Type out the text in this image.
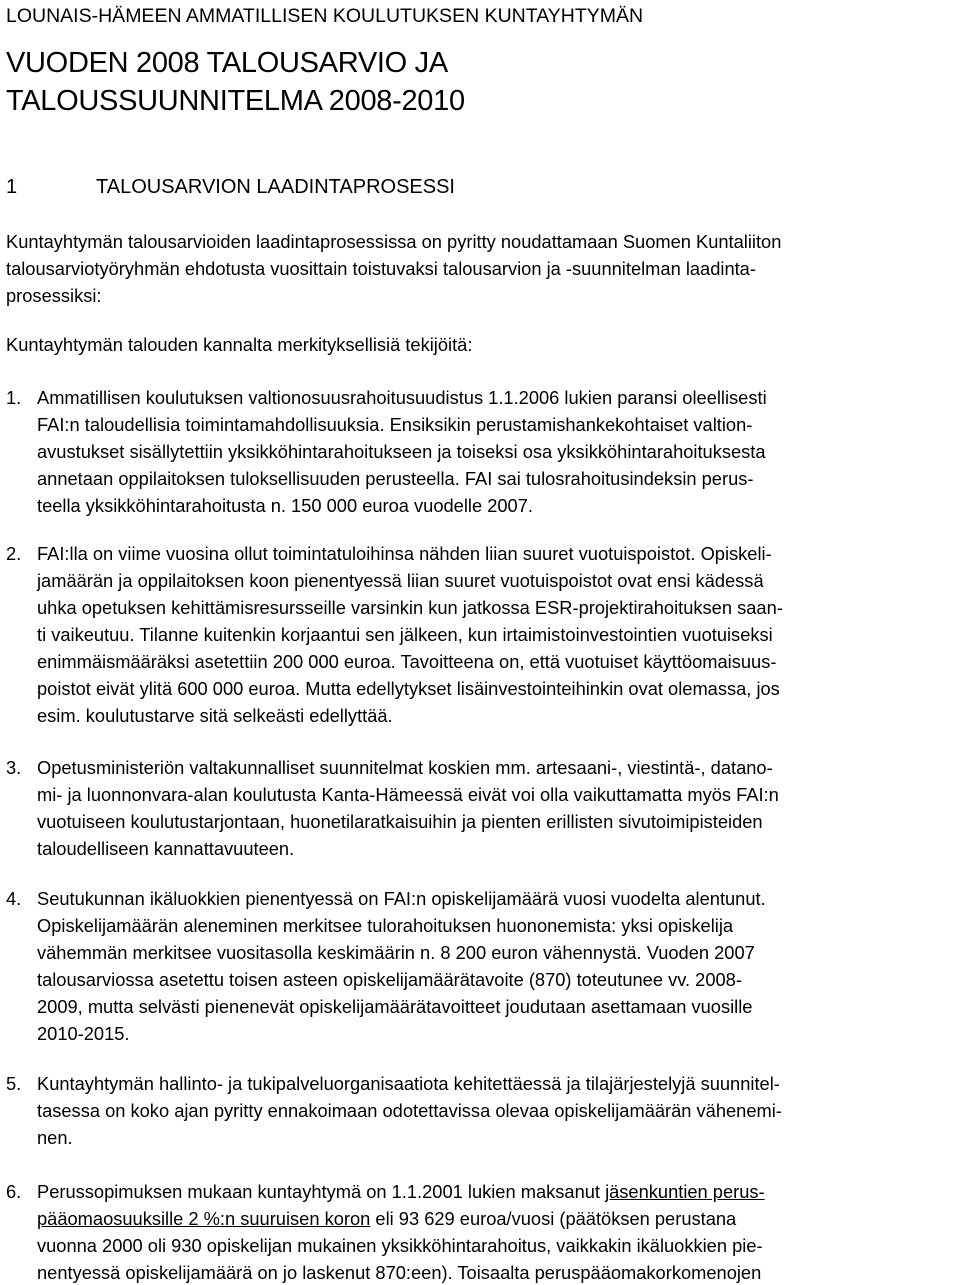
LOUNAIS-HÄMEEN AMMATILLISEN KOULUTUKSEN KUNTAYHTYMÄN
VUODEN 2008 TALOUSARVIO JA
TALOUSSUUNNITELMA 2008-2010
1	TALOUSARVION LAADINTAPROSESSI
Kuntayhtymän talousarvioiden laadintaprosessissa on pyritty noudattamaan Suomen Kuntaliiton
talousarviotyöryhmän ehdotusta vuosittain toistuvaksi talousarvion ja -suunnitelman laadinta-
prosessiksi:
Kuntayhtymän talouden kannalta merkityksellisiä tekijöitä:
1. Ammatillisen koulutuksen valtionosuusrahoitusuudistus 1.1.2006 lukien paransi oleellisesti
FAI:n taloudellisia toimintamahdollisuuksia. Ensiksikin perustamishankekohtaiset valtion-
avustukset sisällytettiin yksikköhintarahoitukseen ja toiseksi osa yksikköhintarahoituksesta
annetaan oppilaitoksen tuloksellisuuden perusteella. FAI sai tulosrahoitusindeksin perus-
teella yksikköhintarahoitusta n. 150 000 euroa vuodelle 2007.
2. FAI:lla on viime vuosina ollut toimintatuloihinsa nähden liian suuret vuotuispoistot. Opiskeli-
jamäärän ja oppilaitoksen koon pienentyessä liian suuret vuotuispoistot ovat ensi kädessä
uhka opetuksen kehittämisresursseille varsinkin kun jatkossa ESR-projektirahoituksen saan-
ti vaikeutuu. Tilanne kuitenkin korjaantui sen jälkeen, kun irtaimistoinvestointien vuotuiseksi
enimmäismääräksi asetettiin 200 000 euroa. Tavoitteena on, että vuotuiset käyttöomaisuus-
poistot eivät ylitä 600 000 euroa. Mutta edellytykset lisäinvestointeihinkin ovat olemassa, jos
esim. koulutustarve sitä selkeästi edellyttää.
3. Opetusministeriön valtakunnalliset suunnitelmat koskien mm. artesaani-, viestintä-, datano-
mi- ja luonnonvara-alan koulutusta Kanta-Hämeessä eivät voi olla vaikuttamatta myös FAI:n
vuotuiseen koulutustarjontaan, huonetilaratkaisuihin ja pienten erillisten sivutoimipisteiden
taloudelliseen kannattavuuteen.
4. Seutukunnan ikäluokkien pienentyessä on FAI:n opiskelijamäärä vuosi vuodelta alentunut.
Opiskelijamäärän aleneminen merkitsee tulorahoituksen huononemista: yksi opiskelija
vähemmän merkitsee vuositasolla keskimäärin n. 8 200 euron vähennystä. Vuoden 2007
talousarviossa asetettu toisen asteen opiskelijamäärätavoite (870) toteutunee vv. 2008-
2009, mutta selvästi pienenevät opiskelijamäärätavoitteet joudutaan asettamaan vuosille
2010-2015.
5. Kuntayhtymän hallinto- ja tukipalveluorganisaatiota kehitettäessä ja tilajärjestelyjä suunnitel-
tasessa on koko ajan pyritty ennakoimaan odotettavissa olevaa opiskelijamäärän vähenemi-
nen.
6. Perussopimuksen mukaan kuntayhtymä on 1.1.2001 lukien maksanut jäsenkuntien perus-
pääomaosuuksille 2 %:n suuruisen koron eli 93 629 euroa/vuosi (päätöksen perustana
vuonna 2000 oli 930 opiskelijan mukainen yksikköhintarahoitus, vaikkakin ikäluokkien pie-
nentyessä opiskelijamäärä on jo laskenut 870:een). Toisaalta peruspääomakorkomenojen
